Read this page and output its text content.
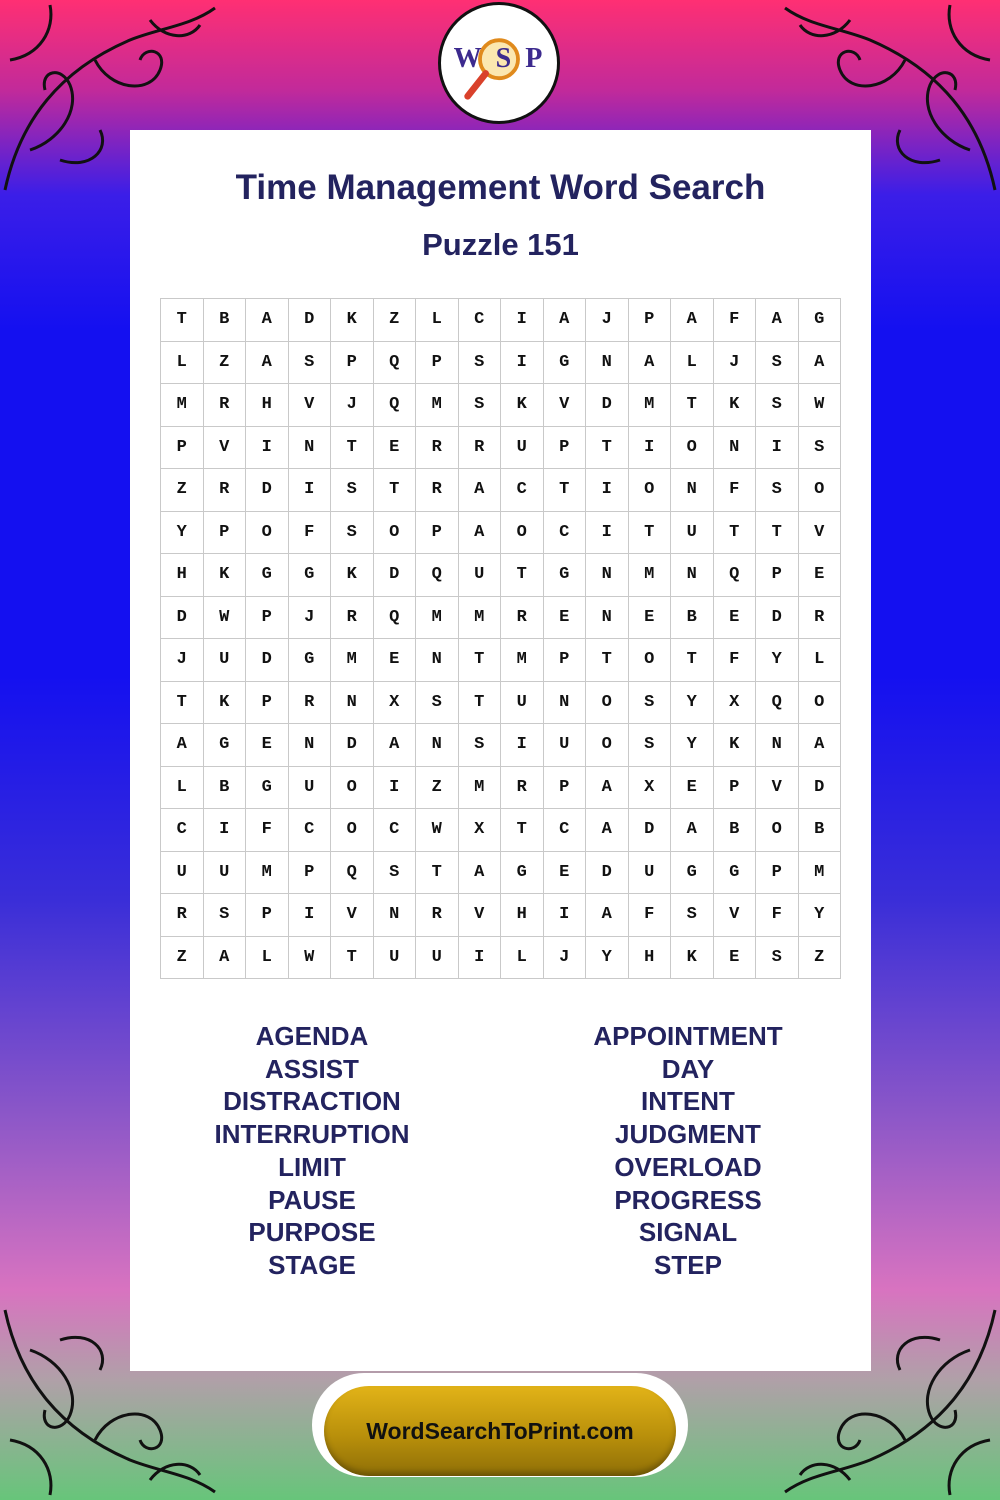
W S P
Time Management Word Search
Puzzle 151
T	B	A	D	K	Z	L	C	I	A	J	P	A	F	A	G
L	Z	A	S	P	Q	P	S	I	G	N	A	L	J	S	A
M	R	H	V	J	Q	M	S	K	V	D	M	T	K	S	W
P	V	I	N	T	E	R	R	U	P	T	I	O	N	I	S
Z	R	D	I	S	T	R	A	C	T	I	O	N	F	S	O
Y	P	O	F	S	O	P	A	O	C	I	T	U	T	T	V
H	K	G	G	K	D	Q	U	T	G	N	M	N	Q	P	E
D	W	P	J	R	Q	M	M	R	E	N	E	B	E	D	R
J	U	D	G	M	E	N	T	M	P	T	O	T	F	Y	L
T	K	P	R	N	X	S	T	U	N	O	S	Y	X	Q	O
A	G	E	N	D	A	N	S	I	U	O	S	Y	K	N	A
L	B	G	U	O	I	Z	M	R	P	A	X	E	P	V	D
C	I	F	C	O	C	W	X	T	C	A	D	A	B	O	B
U	U	M	P	Q	S	T	A	G	E	D	U	G	G	P	M
R	S	P	I	V	N	R	V	H	I	A	F	S	V	F	Y
Z	A	L	W	T	U	U	I	L	J	Y	H	K	E	S	Z
AGENDA
ASSIST
DISTRACTION
INTERRUPTION
LIMIT
PAUSE
PURPOSE
STAGE
APPOINTMENT
DAY
INTENT
JUDGMENT
OVERLOAD
PROGRESS
SIGNAL
STEP
WordSearchToPrint.com
